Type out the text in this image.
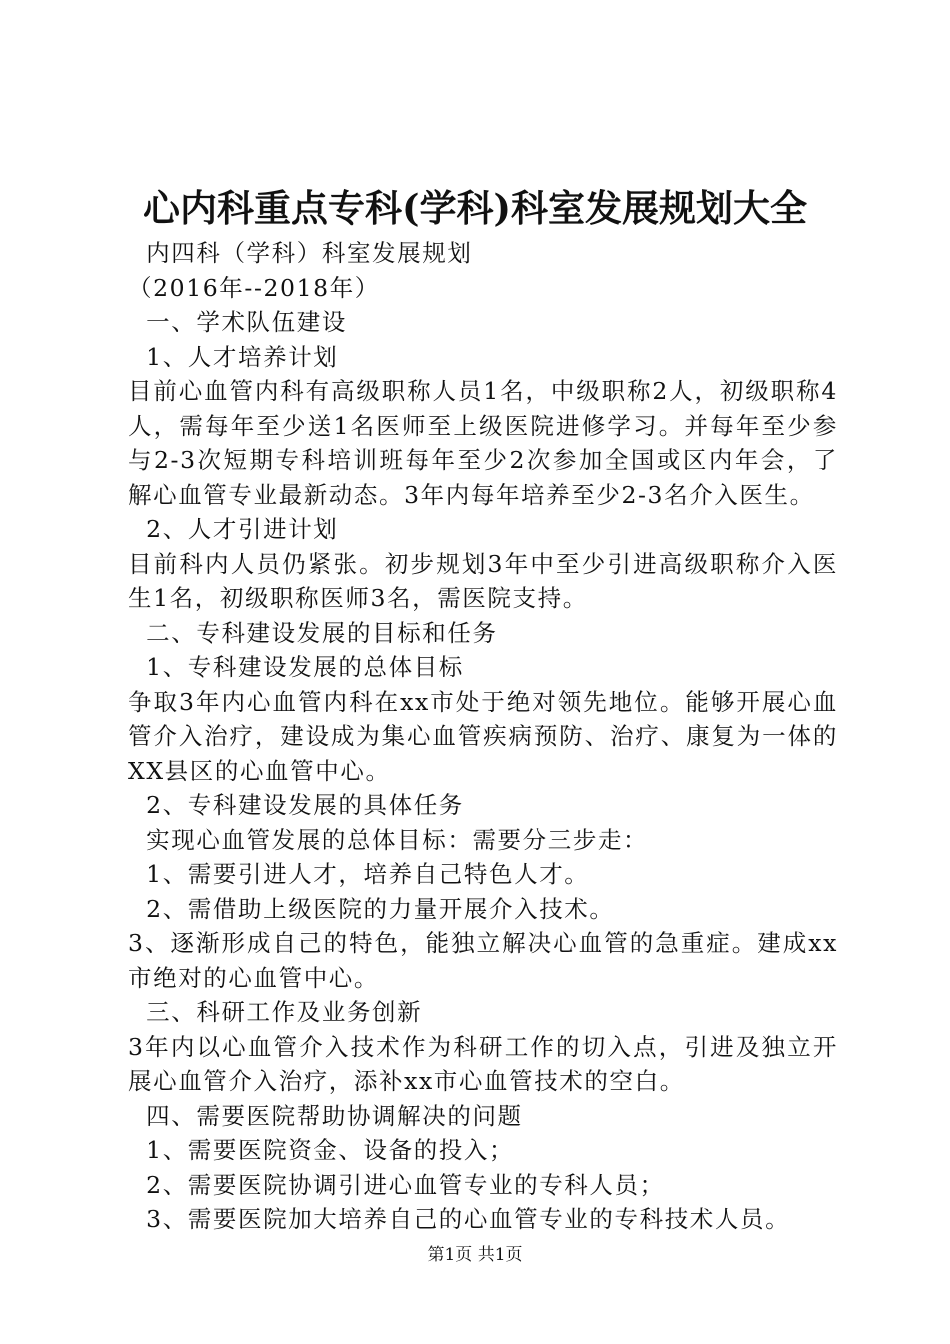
心内科重点专科(学科)科室发展规划大全
内四科（学科）科室发展规划
（2016年--2018年）
一、学术队伍建设
1、人才培养计划
目前心血管内科有高级职称人员1名，中级职称2人，初级职称4人，需每年至少送1名医师至上级医院进修学习。并每年至少参与2-3次短期专科培训班每年至少2次参加全国或区内年会，了解心血管专业最新动态。3年内每年培养至少2-3名介入医生。
2、人才引进计划
目前科内人员仍紧张。初步规划3年中至少引进高级职称介入医生1名，初级职称医师3名，需医院支持。
二、专科建设发展的目标和任务
1、专科建设发展的总体目标
争取3年内心血管内科在xx市处于绝对领先地位。能够开展心血管介入治疗，建设成为集心血管疾病预防、治疗、康复为一体的XX县区的心血管中心。
2、专科建设发展的具体任务
实现心血管发展的总体目标：需要分三步走：
1、需要引进人才，培养自己特色人才。
2、需借助上级医院的力量开展介入技术。
3、逐渐形成自己的特色，能独立解决心血管的急重症。建成xx市绝对的心血管中心。
三、科研工作及业务创新
3年内以心血管介入技术作为科研工作的切入点，引进及独立开展心血管介入治疗，添补xx市心血管技术的空白。
四、需要医院帮助协调解决的问题
1、需要医院资金、设备的投入；
2、需要医院协调引进心血管专业的专科人员；
3、需要医院加大培养自己的心血管专业的专科技术人员。
第1页 共1页
